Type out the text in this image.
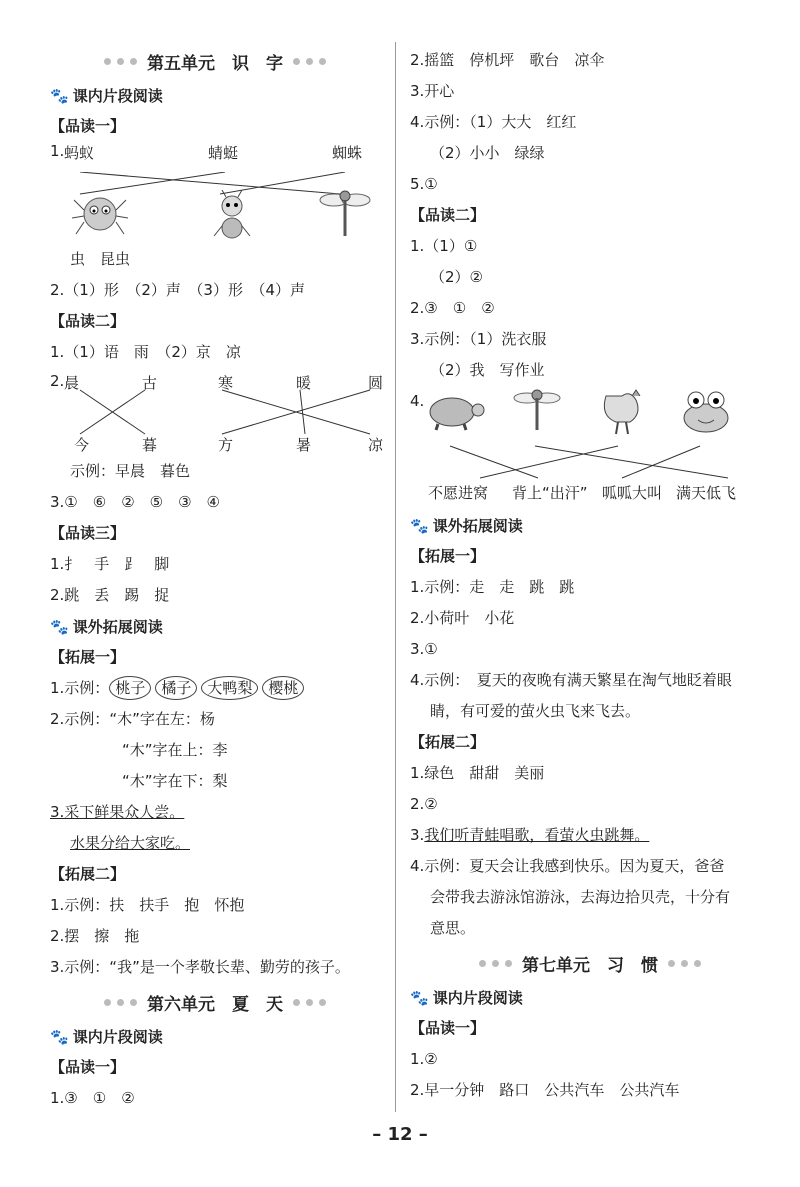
第五单元　识　字
🐾 课内片段阅读
【品读一】
1. 蚂蚁	蜻蜓	蜘蛛
虫　昆虫
2.（1）形　（2）声　（3）形　（4）声
【品读二】
1.（1）语　雨　（2）京　凉
2. 晨	古	寒	暖	圆
今	暮	方	暑	凉
示例：早晨　暮色
3.①　⑥　②　⑤　③　④
【品读三】
1.扌　手　⻊　脚
2.跳　丢　踢　捉
🐾 课外拓展阅读
【拓展一】
1.示例： 桃子 橘子 大鸭梨 樱桃
2.示例：“木”字在左：杨
“木”字在上：李
“木”字在下：梨
3.采下鲜果众人尝。
水果分给大家吃。
【拓展二】
1.示例：扶　扶手　抱　怀抱
2.摆　擦　拖
3.示例：“我”是一个孝敬长辈、勤劳的孩子。
第六单元　夏　天
🐾 课内片段阅读
【品读一】
1.③　①　②
2.摇篮　停机坪　歌台　凉伞
3.开心
4.示例：（1）大大　红红
（2）小小　绿绿
5.①
【品读二】
1.（1）①
（2）②
2.③　①　②
3.示例：（1）洗衣服
（2）我　写作业
4.
不愿进窝 背上“出汗” 呱呱大叫 满天低飞
🐾 课外拓展阅读
【拓展一】
1.示例：走　走　跳　跳
2.小荷叶　小花
3.①
4.示例：　夏天的夜晚有满天繁星在淘气地眨着眼
睛，有可爱的萤火虫飞来飞去。
【拓展二】
1.绿色　甜甜　美丽
2.②
3.我们听青蛙唱歌，看萤火虫跳舞。
4.示例：夏天会让我感到快乐。因为夏天，爸爸
会带我去游泳馆游泳，去海边拾贝壳，十分有
意思。
第七单元　习　惯
🐾 课内片段阅读
【品读一】
1.②
2.早一分钟　路口　公共汽车　公共汽车
– 12 –
